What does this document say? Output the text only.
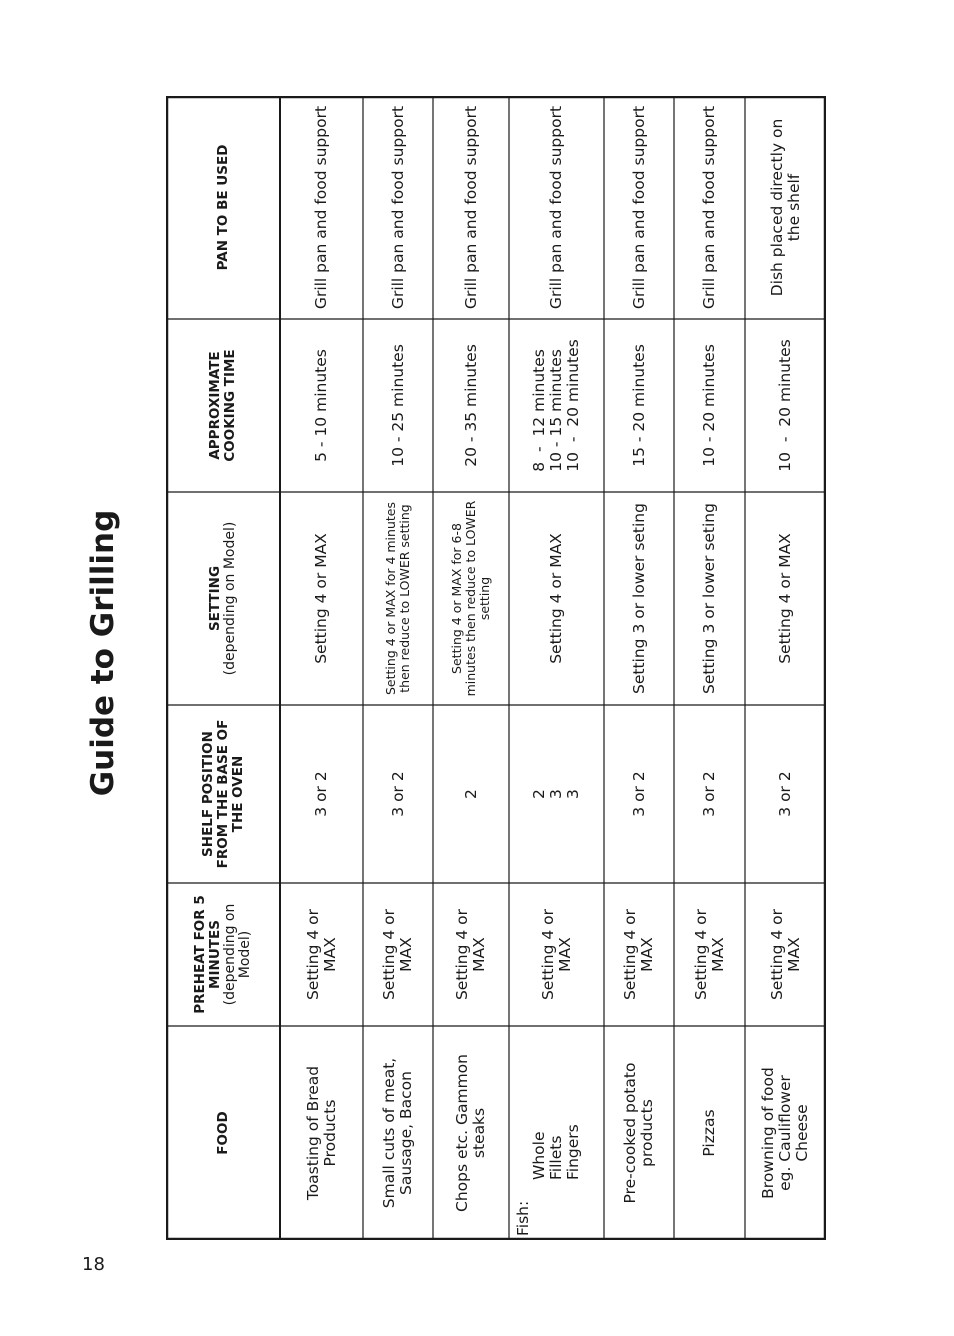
18
Guide to Grilling
FOOD
PREHEAT FOR 5 MINUTES (depending on Model)
SHELF POSITION FROM THE BASE OF THE OVEN
SETTING (depending on Model)
APPROXIMATE COOKING TIME
PAN TO BE USED
Toasting of Bread Products
Setting 4 or MAX
3 or 2
Setting 4 or MAX
5 - 10 minutes
Grill pan and food support
Small cuts of meat, Sausage, Bacon
Setting 4 or MAX
3 or 2
Setting 4 or MAX for 4 minutes then reduce to LOWER setting
10 - 25 minutes
Grill pan and food support
Chops etc. Gammon steaks
Setting 4 or MAX
2
Setting 4 or MAX for 6-8 minutes then reduce to LOWER setting
20 - 35 minutes
Grill pan and food support
Fish:
Whole Fillets Fingers
Setting 4 or MAX
2 3 3
Setting 4 or MAX
8  -  12 minutes 10 - 15 minutes 10  -  20 minutes
Grill pan and food support
Pre-cooked potato products
Setting 4 or MAX
3 or 2
Setting 3 or lower seting
15 - 20 minutes
Grill pan and food support
Pizzas
Setting 4 or MAX
3 or 2
Setting 3 or lower seting
10 - 20 minutes
Grill pan and food support
Browning of food eg. Cauliflower Cheese
Setting 4 or MAX
3 or 2
Setting 4 or MAX
10  -  20 minutes
Dish placed directly on the shelf
